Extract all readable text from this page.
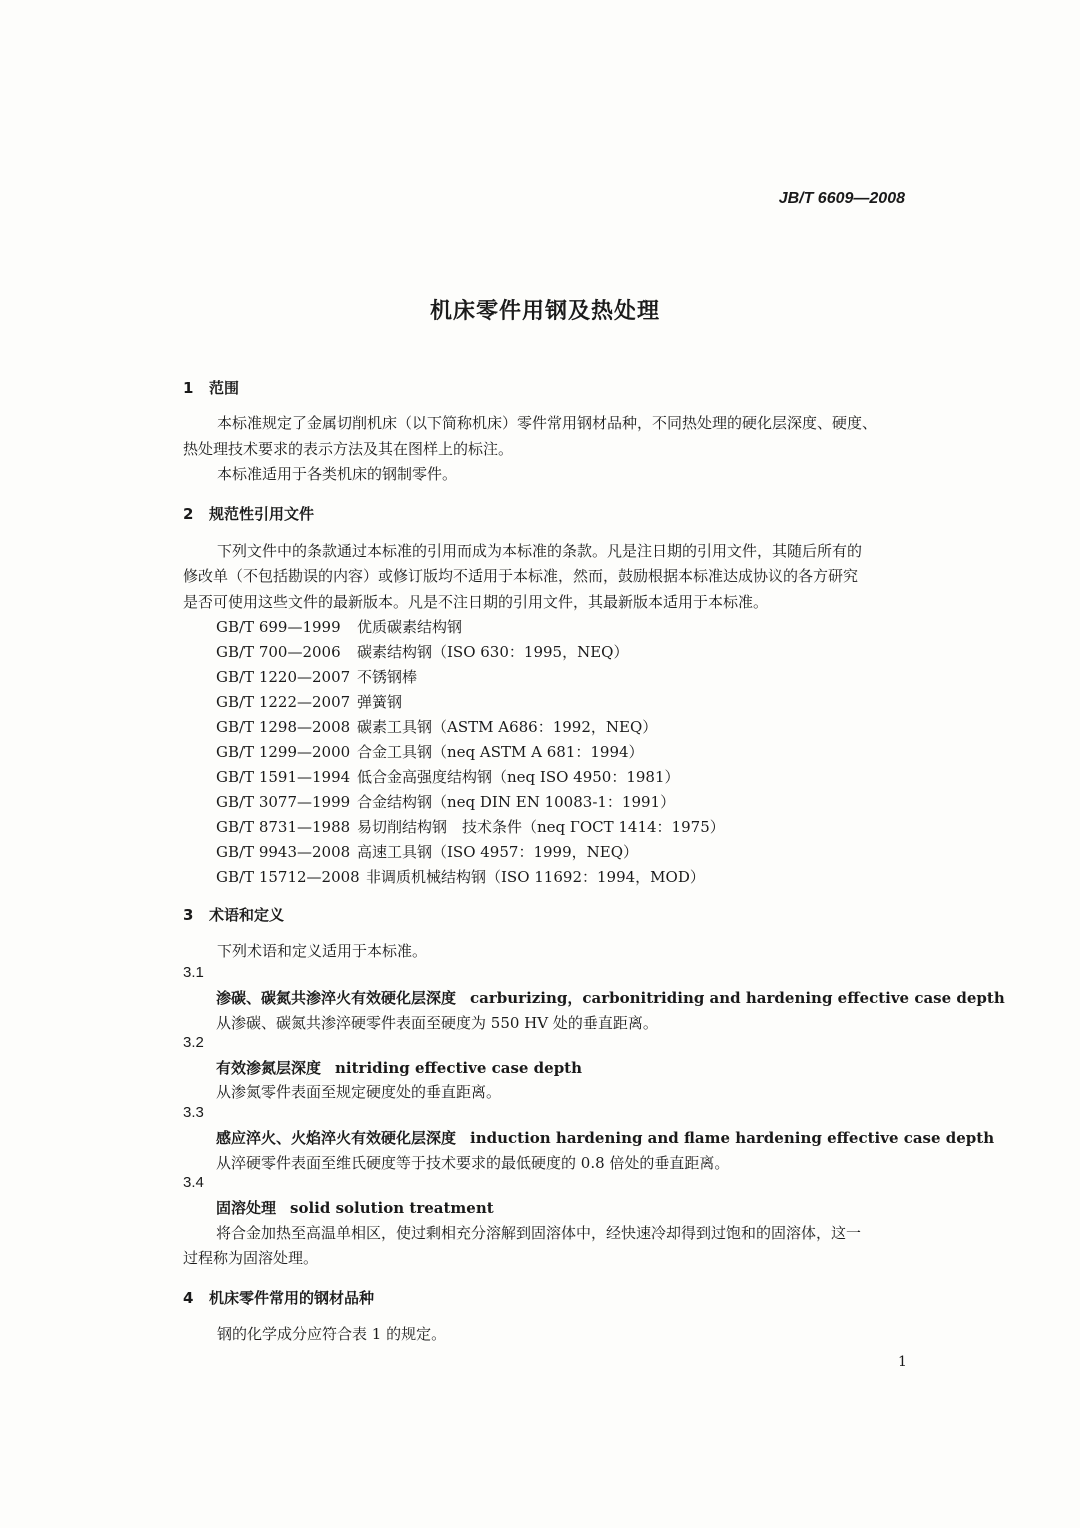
JB/T 6609—2008
机床零件用钢及热处理
1 范围
本标准规定了金属切削机床（以下简称机床）零件常用钢材品种，不同热处理的硬化层深度、硬度、
热处理技术要求的表示方法及其在图样上的标注。
本标准适用于各类机床的钢制零件。
2 规范性引用文件
下列文件中的条款通过本标准的引用而成为本标准的条款。凡是注日期的引用文件，其随后所有的
修改单（不包括勘误的内容）或修订版均不适用于本标准，然而，鼓励根据本标准达成协议的各方研究
是否可使用这些文件的最新版本。凡是不注日期的引用文件，其最新版本适用于本标准。
GB/T 699—1999 优质碳素结构钢
GB/T 700—2006 碳素结构钢（ISO 630：1995，NEQ）
GB/T 1220—2007 不锈钢棒
GB/T 1222—2007 弹簧钢
GB/T 1298—2008 碳素工具钢（ASTM A686：1992，NEQ）
GB/T 1299—2000 合金工具钢（neq ASTM A 681：1994）
GB/T 1591—1994 低合金高强度结构钢（neq ISO 4950：1981）
GB/T 3077—1999 合金结构钢（neq DIN EN 10083-1：1991）
GB/T 8731—1988 易切削结构钢　技术条件（neq ГОСТ 1414：1975）
GB/T 9943—2008 高速工具钢（ISO 4957：1999，NEQ）
GB/T 15712—2008 非调质机械结构钢（ISO 11692：1994，MOD）
3 术语和定义
下列术语和定义适用于本标准。
3.1
渗碳、碳氮共渗淬火有效硬化层深度 carburizing，carbonitriding and hardening effective case depth
从渗碳、碳氮共渗淬硬零件表面至硬度为 550 HV 处的垂直距离。
3.2
有效渗氮层深度 nitriding effective case depth
从渗氮零件表面至规定硬度处的垂直距离。
3.3
感应淬火、火焰淬火有效硬化层深度 induction hardening and flame hardening effective case depth
从淬硬零件表面至维氏硬度等于技术要求的最低硬度的 0.8 倍处的垂直距离。
3.4
固溶处理 solid solution treatment
将合金加热至高温单相区，使过剩相充分溶解到固溶体中，经快速冷却得到过饱和的固溶体，这一
过程称为固溶处理。
4 机床零件常用的钢材品种
钢的化学成分应符合表 1 的规定。
1
